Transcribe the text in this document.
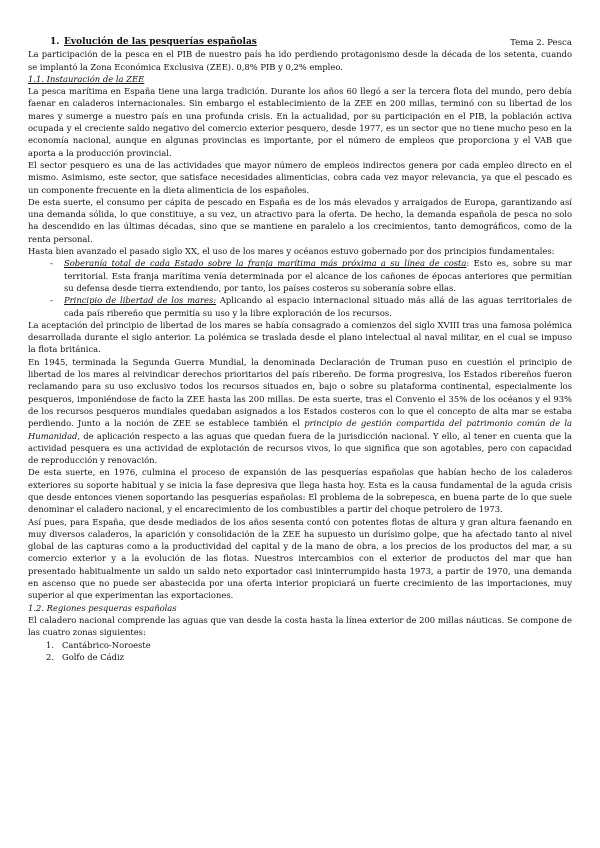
Tema 2. Pesca
1. Evolución de las pesquerías españolas

La participación de la pesca en el PIB de nuestro país ha ido perdiendo protagonismo desde la década de los setenta, cuando se implantó la Zona Económica Exclusiva (ZEE). 0,8% PIB y 0,2% empleo.

1.1. Instauración de la ZEE

La pesca marítima en España tiene una larga tradición. Durante los años 60 llegó a ser la tercera flota del mundo, pero debía faenar en caladeros internacionales. Sin embargo el establecimiento de la ZEE en 200 millas, terminó con su libertad de los mares y sumerge a nuestro país en una profunda crisis. En la actualidad, por su participación en el PIB, la población activa ocupada y el creciente saldo negativo del comercio exterior pesquero, desde 1977, es un sector que no tiene mucho peso en la economía nacional, aunque en algunas provincias es importante, por el número de empleos que proporciona y el VAB que aporta a la producción provincial.

El sector pesquero es una de las actividades que mayor número de empleos indirectos genera por cada empleo directo en el mismo. Asimismo, este sector, que satisface necesidades alimenticias, cobra cada vez mayor relevancia, ya que el pescado es un componente frecuente en la dieta alimenticia de los españoles.

De esta suerte, el consumo per cápita de pescado en España es de los más elevados y arraigados de Europa, garantizando así una demanda sólida, lo que constituye, a su vez, un atractivo para la oferta. De hecho, la demanda española de pesca no solo ha descendido en las últimas décadas, sino que se mantiene en paralelo a los crecimientos, tanto demográficos, como de la renta personal.

Hasta bien avanzado el pasado siglo XX, el uso de los mares y océanos estuvo gobernado por dos principios fundamentales:

- Soberanía total de cada Estado sobre la franja marítima más próxima a su línea de costa: Esto es, sobre su mar territorial. Esta franja marítima venía determinada por el alcance de los cañones de épocas anteriores que permitían su defensa desde tierra extendiendo, por tanto, los países costeros su soberanía sobre ellas.
- Principio de libertad de los mares: Aplicando al espacio internacional situado más allá de las aguas territoriales de cada país ribereño que permitía su uso y la libre exploración de los recursos.

La aceptación del principio de libertad de los mares se había consagrado a comienzos del siglo XVIII tras una famosa polémica desarrollada durante el siglo anterior. La polémica se traslada desde el plano intelectual al naval militar, en el cual se impuso la flota británica.

En 1945, terminada la Segunda Guerra Mundial, la denominada Declaración de Truman puso en cuestión el principio de libertad de los mares al reivindicar derechos prioritarios del país ribereño. De forma progresiva, los Estados ribereños fueron reclamando para su uso exclusivo todos los recursos situados en, bajo o sobre su plataforma continental, especialmente los pesqueros, imponiéndose de facto la ZEE hasta las 200 millas. De esta suerte, tras el Convenio el 35% de los océanos y el 93% de los recursos pesqueros mundiales quedaban asignados a los Estados costeros con lo que el concepto de alta mar se estaba perdiendo. Junto a la noción de ZEE se establece también el principio de gestión compartida del patrimonio común de la Humanidad, de aplicación respecto a las aguas que quedan fuera de la jurisdicción nacional. Y ello, al tener en cuenta que la actividad pesquera es una actividad de explotación de recursos vivos, lo que significa que son agotables, pero con capacidad de reproducción y renovación.

De esta suerte, en 1976, culmina el proceso de expansión de las pesquerías españolas que habían hecho de los caladeros exteriores su soporte habitual y se inicia la fase depresiva que llega hasta hoy. Esta es la causa fundamental de la aguda crisis que desde entonces vienen soportando las pesquerías españolas: El problema de la sobrepesca, en buena parte de lo que suele denominar el caladero nacional, y el encarecimiento de los combustibles a partir del choque petrolero de 1973.

Así pues, para España, que desde mediados de los años sesenta contó con potentes flotas de altura y gran altura faenando en muy diversos caladeros, la aparición y consolidación de la ZEE ha supuesto un durísimo golpe, que ha afectado tanto al nivel global de las capturas como a la productividad del capital y de la mano de obra, a los precios de los productos del mar, a su comercio exterior y a la evolución de las flotas. Nuestros intercambios con el exterior de productos del mar que han presentado habitualmente un saldo un saldo neto exportador casi ininterrumpido hasta 1973, a partir de 1970, una demanda en ascenso que no puede ser abastecida por una oferta interior propiciará un fuerte crecimiento de las importaciones, muy superior al que experimentan las exportaciones.

1.2. Regiones pesqueras españolas

El caladero nacional comprende las aguas que van desde la costa hasta la línea exterior de 200 millas náuticas. Se compone de las cuatro zonas siguientes:

1. Cantábrico-Noroeste
2. Golfo de Cádiz
